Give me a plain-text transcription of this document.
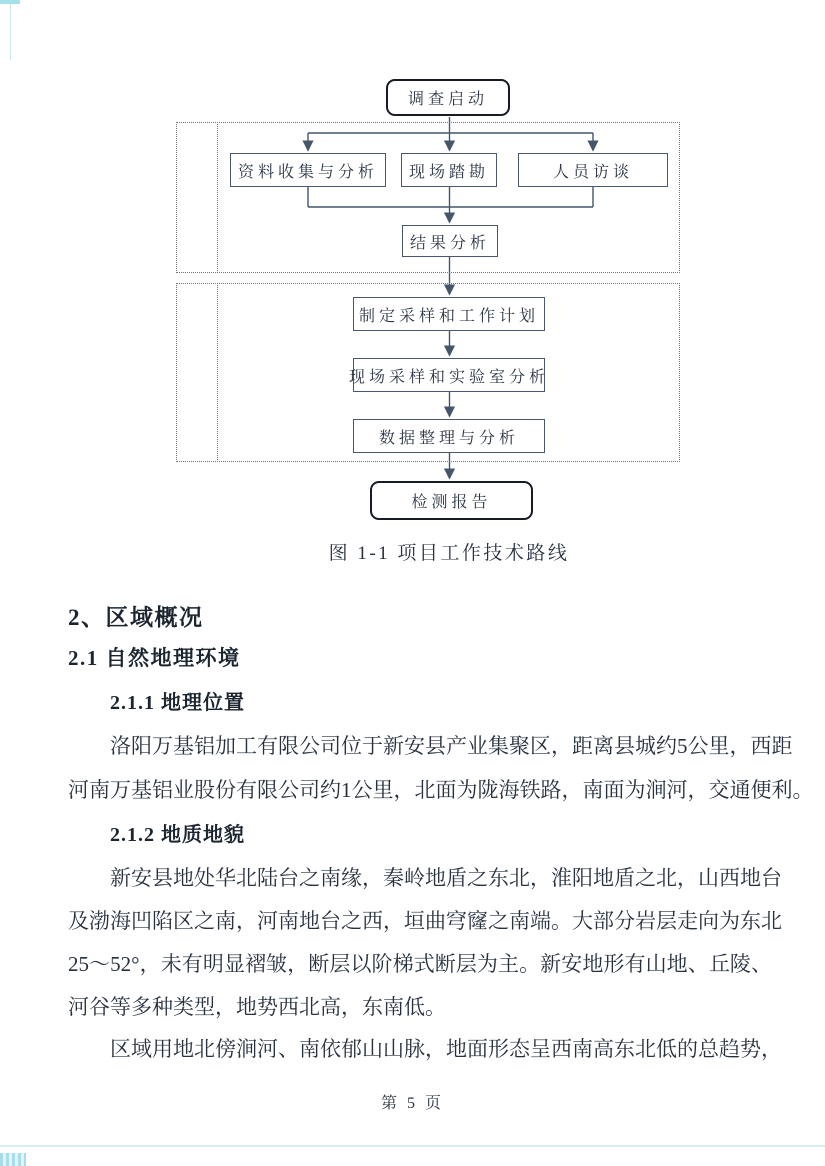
调查启动
资料收集与分析	现场踏勘	人员访谈
结果分析
制定采样和工作计划
现场采样和实验室分析
数据整理与分析
检测报告
图 1-1 项目工作技术路线
2、区域概况
2.1 自然地理环境
2.1.1 地理位置
2.1.2 地质地貌
洛阳万基铝加工有限公司位于新安县产业集聚区，距离县城约5公里，西距
河南万基铝业股份有限公司约1公里，北面为陇海铁路，南面为涧河，交通便利。
新安县地处华北陆台之南缘，秦岭地盾之东北，淮阳地盾之北，山西地台
及渤海凹陷区之南，河南地台之西，垣曲穹窿之南端。大部分岩层走向为东北
25～52°，未有明显褶皱，断层以阶梯式断层为主。新安地形有山地、丘陵、
河谷等多种类型，地势西北高，东南低。
区域用地北傍涧河、南依郁山山脉，地面形态呈西南高东北低的总趋势，
第 5 页
